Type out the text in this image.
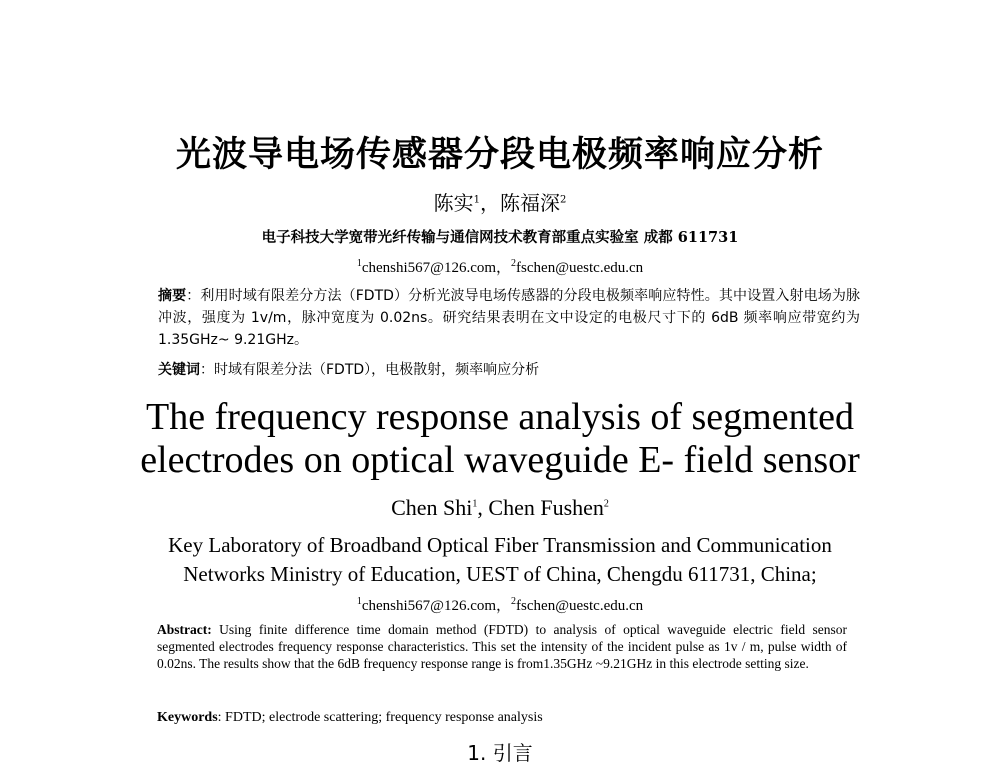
光波导电场传感器分段电极频率响应分析
陈实$^1$，陈福深$^2$
电子科技大学宽带光纤传输与通信网技术教育部重点实验室 成都 611731
$^1$chenshi567@126.com，$^2$fschen@uestc.edu.cn
摘要：利用时域有限差分方法（FDTD）分析光波导电场传感器的分段电极频率响应特性。其中设置入射电场为脉冲波，强度为 1v/m，脉冲宽度为 0.02ns。研究结果表明在文中设定的电极尺寸下的 6dB 频率响应带宽约为 1.35GHz~ 9.21GHz。
关键词：时域有限差分法（FDTD），电极散射，频率响应分析
The frequency response analysis of segmented
electrodes on optical waveguide E- field sensor
Chen Shi$^1$, Chen Fushen$^2$
Key Laboratory of Broadband Optical Fiber Transmission and Communication
Networks Ministry of Education, UEST of China, Chengdu 611731, China;
$^1$chenshi567@126.com，$^2$fschen@uestc.edu.cn
Abstract: Using finite difference time domain method (FDTD) to analysis of optical waveguide electric field sensor segmented electrodes frequency response characteristics. This set the intensity of the incident pulse as 1v / m, pulse width of 0.02ns. The results show that the 6dB frequency response range is from1.35GHz ~9.21GHz in this electrode setting size.
Keywords: FDTD; electrode scattering; frequency response analysis
1. 引言
